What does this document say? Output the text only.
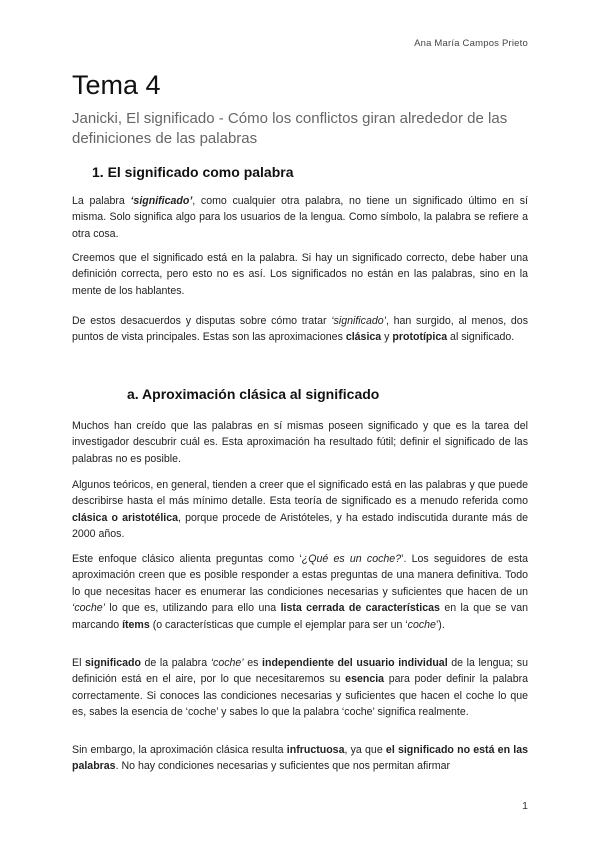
Ana María Campos Prieto
Tema 4

Janicki, El significado - Cómo los conflictos giran alrededor de las definiciones de las palabras

1. El significado como palabra

La palabra ‘significado’, como cualquier otra palabra, no tiene un significado último en sí misma. Solo significa algo para los usuarios de la lengua. Como símbolo, la palabra se refiere a otra cosa.

Creemos que el significado está en la palabra. Si hay un significado correcto, debe haber una definición correcta, pero esto no es así. Los significados no están en las palabras, sino en la mente de los hablantes.

De estos desacuerdos y disputas sobre cómo tratar ‘significado’, han surgido, al menos, dos puntos de vista principales. Estas son las aproximaciones clásica y prototípica al significado.

a. Aproximación clásica al significado

Muchos han creído que las palabras en sí mismas poseen significado y que es la tarea del investigador descubrir cuál es. Esta aproximación ha resultado fútil; definir el significado de las palabras no es posible.

Algunos teóricos, en general, tienden a creer que el significado está en las palabras y que puede describirse hasta el más mínimo detalle. Esta teoría de significado es a menudo referida como clásica o aristotélica, porque procede de Aristóteles, y ha estado indiscutida durante más de 2000 años.

Este enfoque clásico alienta preguntas como ‘¿Qué es un coche?’. Los seguidores de esta aproximación creen que es posible responder a estas preguntas de una manera definitiva. Todo lo que necesitas hacer es enumerar las condiciones necesarias y suficientes que hacen de un ‘coche’ lo que es, utilizando para ello una lista cerrada de características en la que se van marcando ítems (o características que cumple el ejemplar para ser un ‘coche’).

El significado de la palabra ‘coche’ es independiente del usuario individual de la lengua; su definición está en el aire, por lo que necesitaremos su esencia para poder definir la palabra correctamente. Si conoces las condiciones necesarias y suficientes que hacen el coche lo que es, sabes la esencia de ‘coche’ y sabes lo que la palabra ‘coche’ significa realmente.

Sin embargo, la aproximación clásica resulta infructuosa, ya que el significado no está en las palabras. No hay condiciones necesarias y suficientes que nos permitan afirmar

1
